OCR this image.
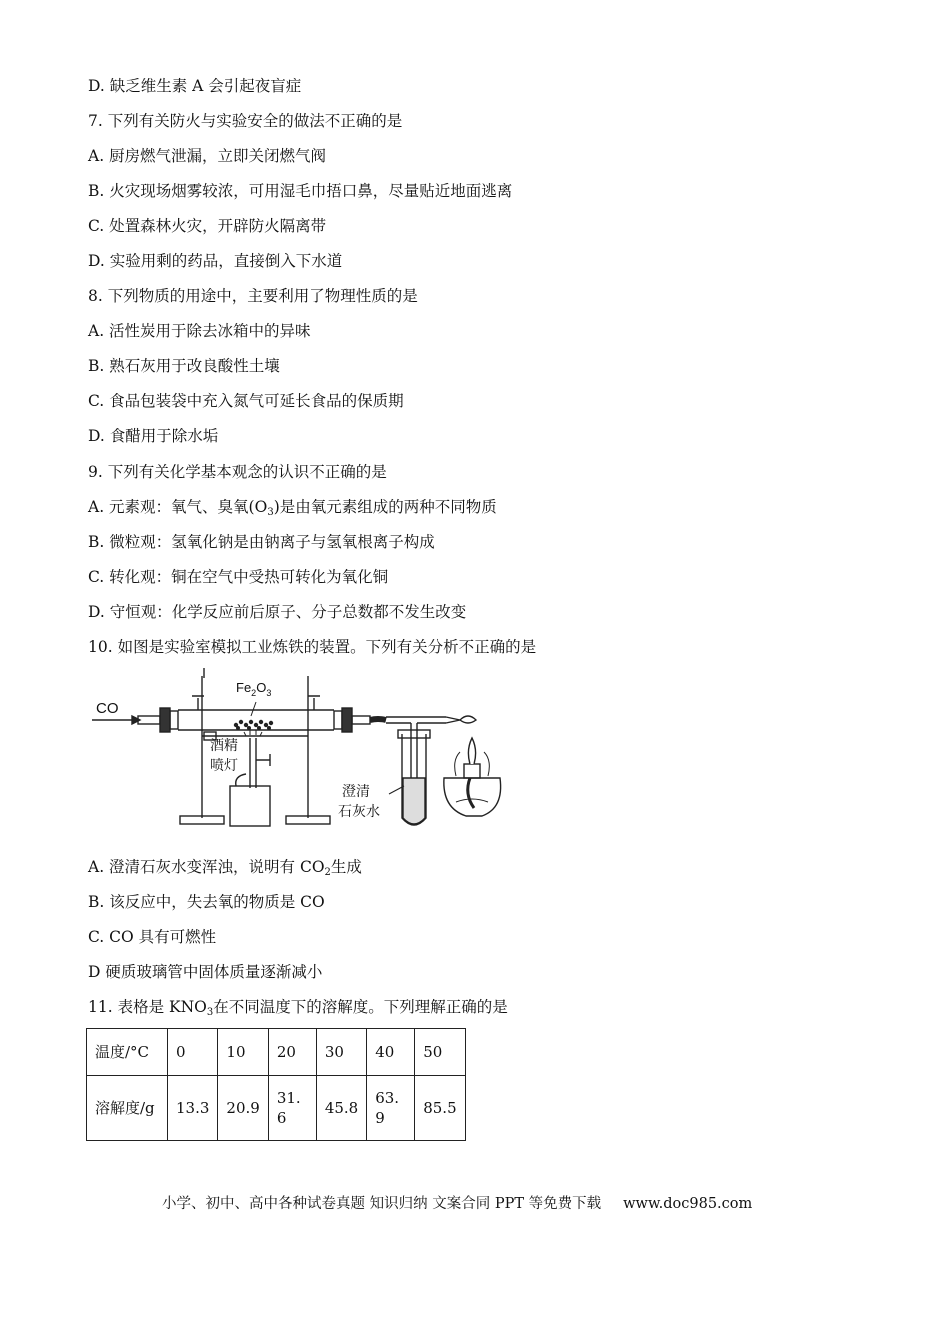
D. 缺乏维生素 A 会引起夜盲症
7. 下列有关防火与实验安全的做法不正确的是
A. 厨房燃气泄漏，立即关闭燃气阀
B. 火灾现场烟雾较浓，可用湿毛巾捂口鼻，尽量贴近地面逃离
C. 处置森林火灾，开辟防火隔离带
D. 实验用剩的药品，直接倒入下水道
8. 下列物质的用途中，主要利用了物理性质的是
A. 活性炭用于除去冰箱中的异味
B. 熟石灰用于改良酸性土壤
C. 食品包装袋中充入氮气可延长食品的保质期
D. 食醋用于除水垢
9. 下列有关化学基本观念的认识不正确的是
A. 元素观：氧气、臭氧$(O_3)$是由氧元素组成的两种不同物质
B. 微粒观：氢氧化钠是由钠离子与氢氧根离子构成
C. 转化观：铜在空气中受热可转化为氧化铜
D. 守恒观：化学反应前后原子、分子总数都不发生改变
10. 如图是实验室模拟工业炼铁的装置。下列有关分析不正确的是
CO
$Fe_2O_3$
酒精
喷灯
澄清
石灰水
A. 澄清石灰水变浑浊，说明有 $CO_2$生成
B. 该反应中，失去氧的物质是 CO
C. CO 具有可燃性
D 硬质玻璃管中固体质量逐渐减小
11. 表格是 $KNO_3$在不同温度下的溶解度。下列理解正确的是
温度/°C	0	10	20	30	40	50
溶解度/g	13.3	20.9	31.6	45.8	63.9	85.5
小学、初中、高中各种试卷真题 知识归纳 文案合同 PPT 等免费下载 www.doc985.com
